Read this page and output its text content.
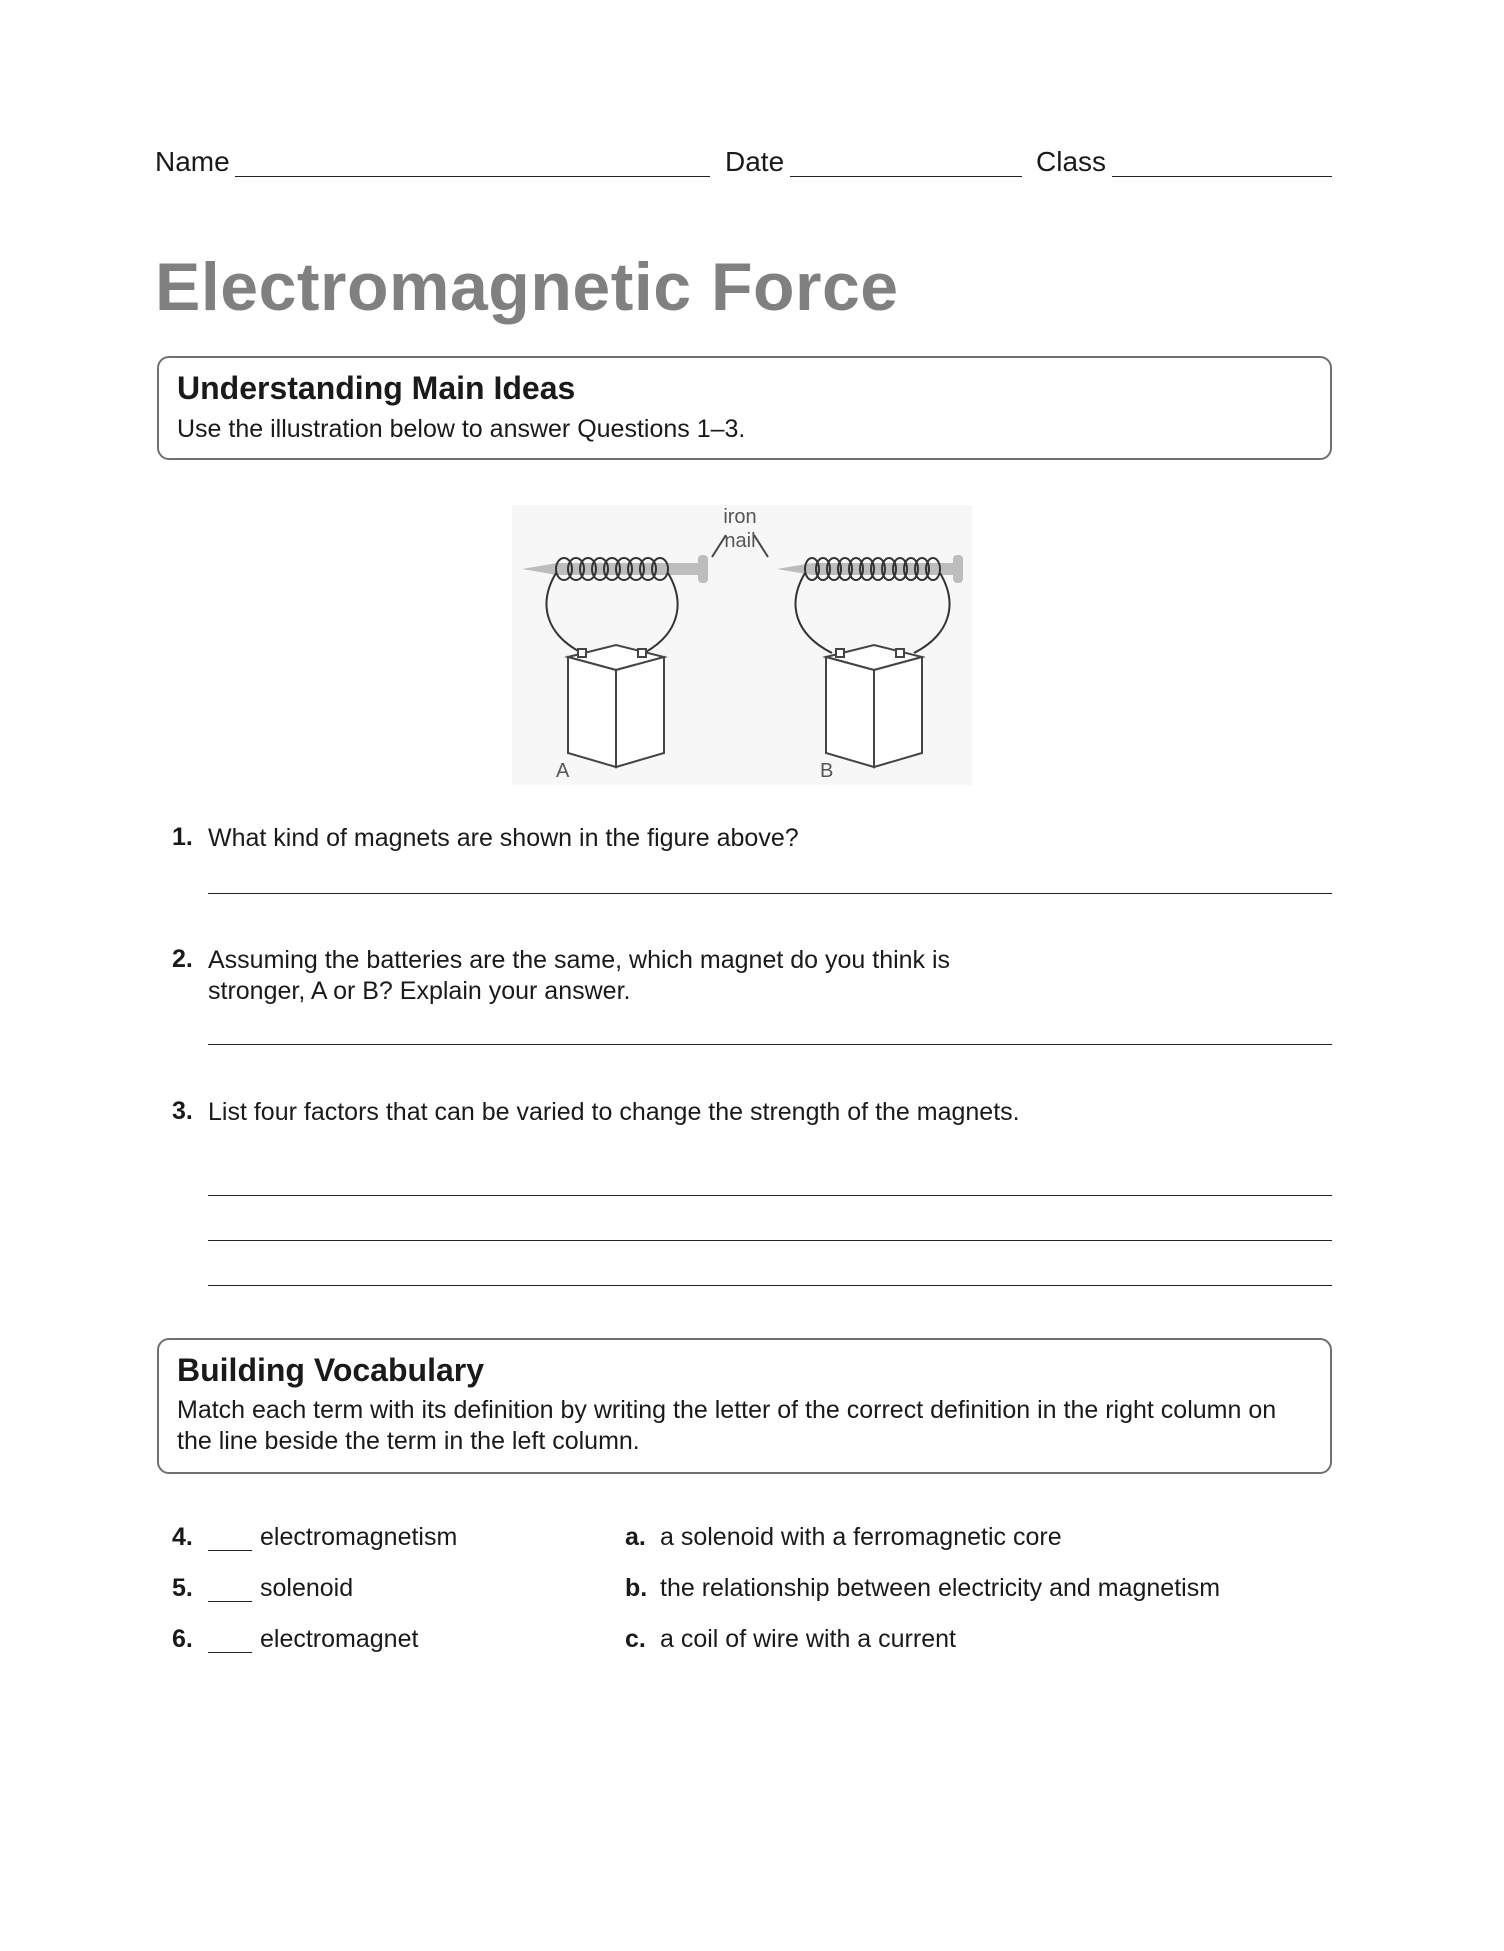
Name	Date	Class
Electromagnetic Force
Understanding Main Ideas
Use the illustration below to answer Questions 1–3.
iron
nail
A	B
1. What kind of magnets are shown in the figure above?
2. Assuming the batteries are the same, which magnet do you think is stronger, A or B? Explain your answer.
3. List four factors that can be varied to change the strength of the magnets.
Building Vocabulary
Match each term with its definition by writing the letter of the correct definition in the right column on the line beside the term in the left column.
4.	electromagnetism	a. a solenoid with a ferromagnetic core
5.	solenoid	b. the relationship between electricity and magnetism
6.	electromagnet	c. a coil of wire with a current
